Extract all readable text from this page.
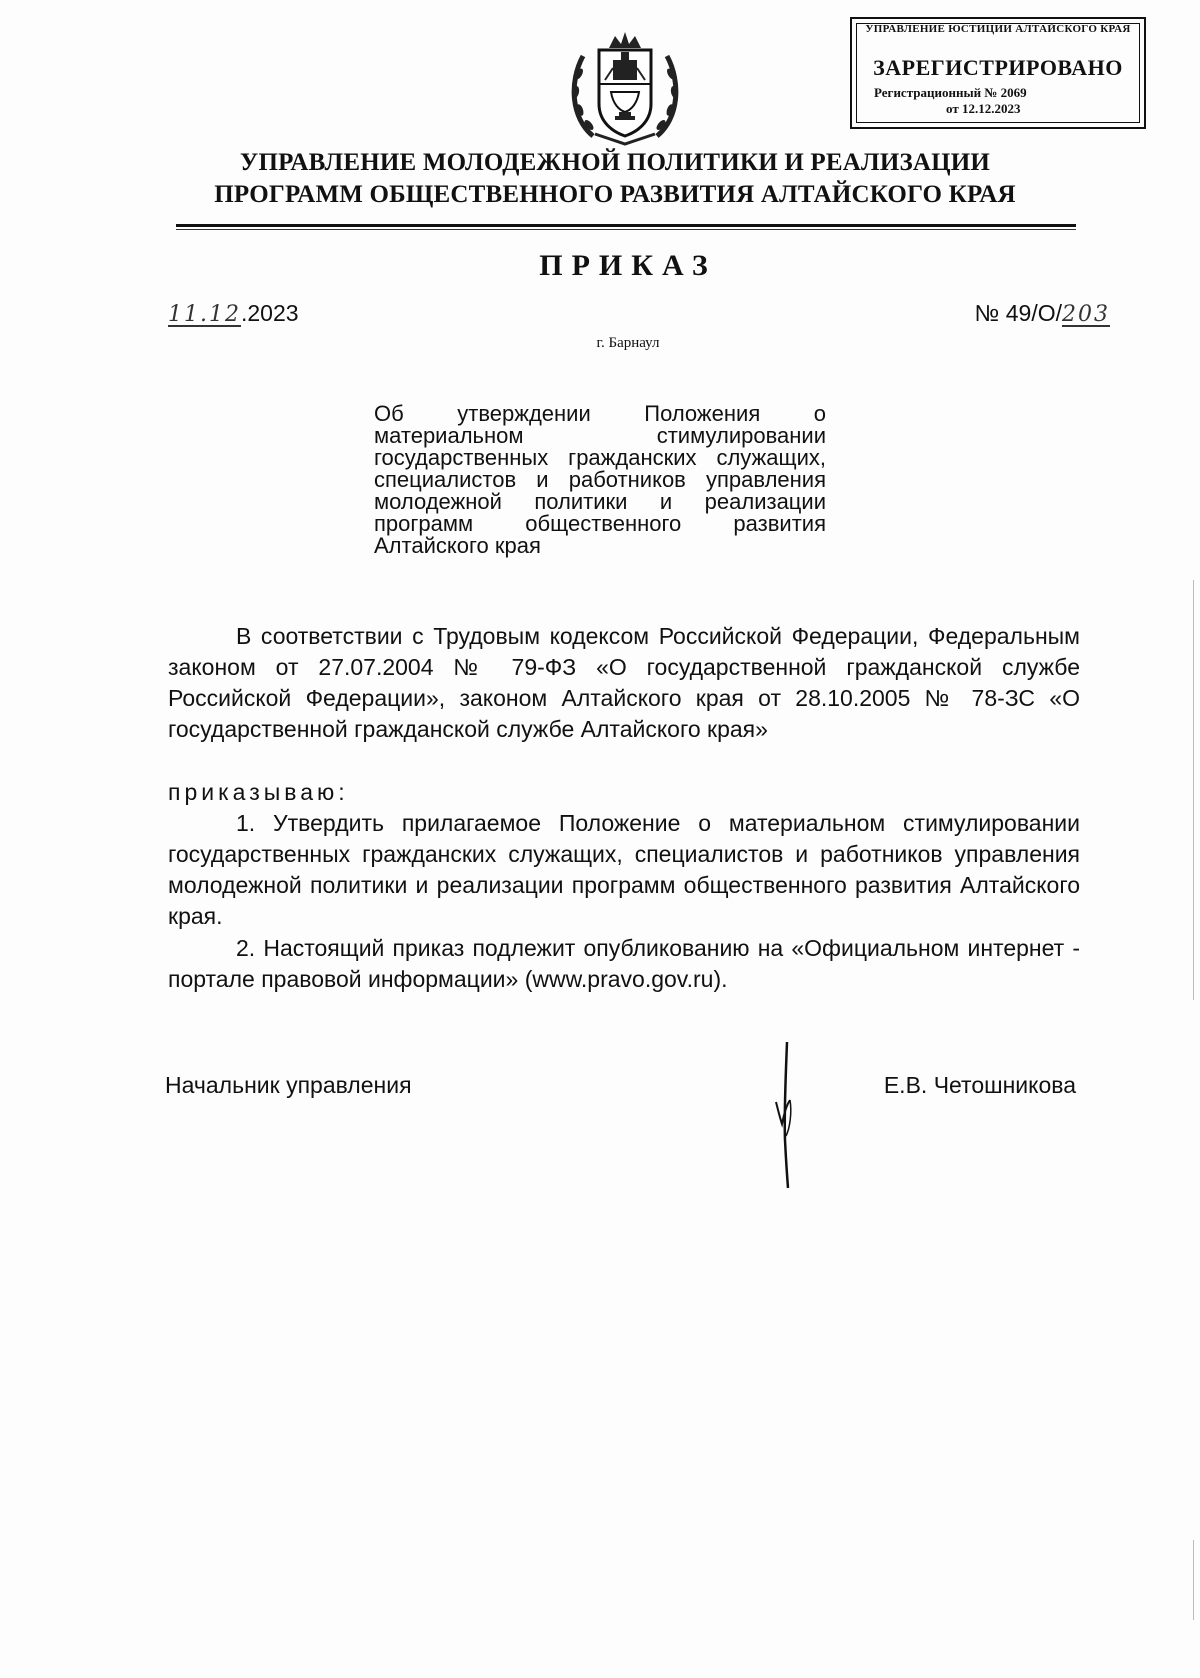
УПРАВЛЕНИЕ ЮСТИЦИИ АЛТАЙСКОГО КРАЯ
ЗАРЕГИСТРИРОВАНО
Регистрационный № 2069
от 12.12.2023
УПРАВЛЕНИЕ МОЛОДЕЖНОЙ ПОЛИТИКИ И РЕАЛИЗАЦИИ
ПРОГРАММ ОБЩЕСТВЕННОГО РАЗВИТИЯ АЛТАЙСКОГО КРАЯ
ПРИКАЗ
11.12.2023	№ 49/О/203
г. Барнаул
Об утверждении Положения о материальном стимулировании государственных гражданских служащих, специалистов и работников управления молодежной политики и реализации программ общественного развития Алтайского края
В соответствии с Трудовым кодексом Российской Федерации, Федеральным законом от 27.07.2004 № 79-ФЗ «О государственной гражданской службе Российской Федерации», законом Алтайского края от 28.10.2005 № 78-ЗС «О государственной гражданской службе Алтайского края»
приказываю:
1. Утвердить прилагаемое Положение о материальном стимулировании государственных гражданских служащих, специалистов и работников управления молодежной политики и реализации программ общественного развития Алтайского края.
2. Настоящий приказ подлежит опубликованию на «Официальном интернет - портале правовой информации» (www.pravo.gov.ru).
Начальник управления	Е.В. Четошникова
